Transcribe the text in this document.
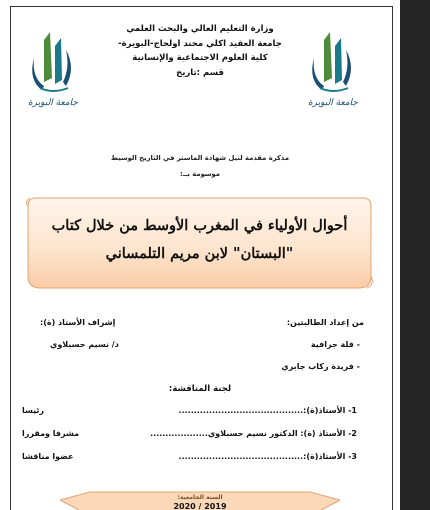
جامعة البويرة	جامعة البويرة
وزارة التعليم العالي والبحث العلمي
جامعة العقيد اكلي محند اولحاج-البويرة-
كلية العلوم الاجتماعية والإنسانية
قسم :تاريخ
مذكرة مقدمة لنيل شهادة الماستر في التاريخ الوسيط
موسومة بــ:
أحوال الأولياء في المغرب الأوسط من خلال كتاب
"البستان" لابن مريم التلمساني
من إعداد الطالبتين:
- فلة جرافية
- فريدة ركاب جابري
إشراف الأستاذ (ة):
د/ نسيم حسبلاوي
لجنة المناقشة:
1- الأستاذ(ة):.........................................
رئيسا
2- الأستاذ (ة): الدكتور نسيم حسبلاوي...................
مشرفا ومقررا
3- الأستاذ(ة):.........................................
عضوا مناقشا
السنة الجامعية:
2020 / 2019
